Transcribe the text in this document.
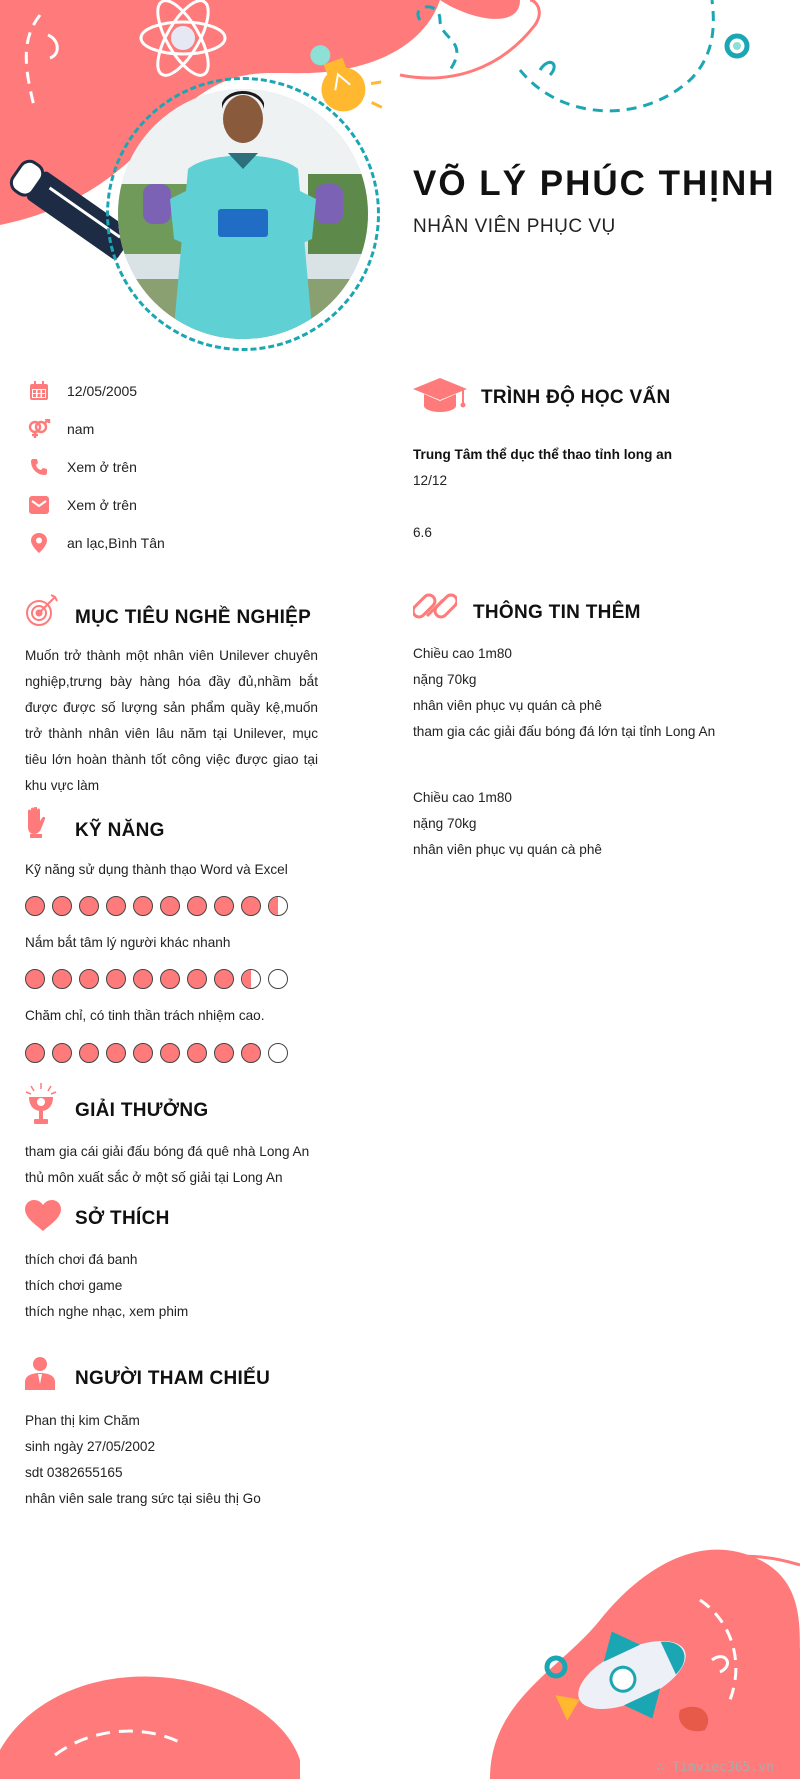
VÕ LÝ PHÚC THỊNH
NHÂN VIÊN PHỤC VỤ
12/05/2005
nam
Xem ở trên
Xem ở trên
an lạc,Bình Tân
MỤC TIÊU NGHỀ NGHIỆP
Muốn trở thành một nhân viên Unilever chuyên nghiệp,trưng bày hàng hóa đầy đủ,nhầm bắt được được số lượng sản phẩm quầy kệ,muốn trở thành nhân viên lâu năm tại Unilever, mục tiêu lớn hoàn thành tốt công việc được giao tại khu vực làm
KỸ NĂNG
Kỹ năng sử dụng thành thạo Word và Excel
Nắm bắt tâm lý người khác nhanh
Chăm chỉ, có tinh thần trách nhiệm cao.
GIẢI THƯỞNG
tham gia cái giải đấu bóng đá quê nhà Long An
thủ môn xuất sắc ở một số giải tại Long An
SỞ THÍCH
thích chơi đá banh
thích chơi game
thích nghe nhạc, xem phim
NGƯỜI THAM CHIẾU
Phan thị kim Chăm
sinh ngày 27/05/2002
sdt 0382655165
nhân viên sale trang sức tại siêu thị Go
TRÌNH ĐỘ HỌC VẤN
Trung Tâm thể dục thể thao tỉnh long an
12/12
6.6
THÔNG TIN THÊM
Chiều cao 1m80
nặng 70kg
nhân viên phục vụ quán cà phê
tham gia các giải đấu bóng đá lớn tại tỉnh Long An
Chiều cao 1m80
nặng 70kg
nhân viên phục vụ quán cà phê
∴ Timviec365.vn
